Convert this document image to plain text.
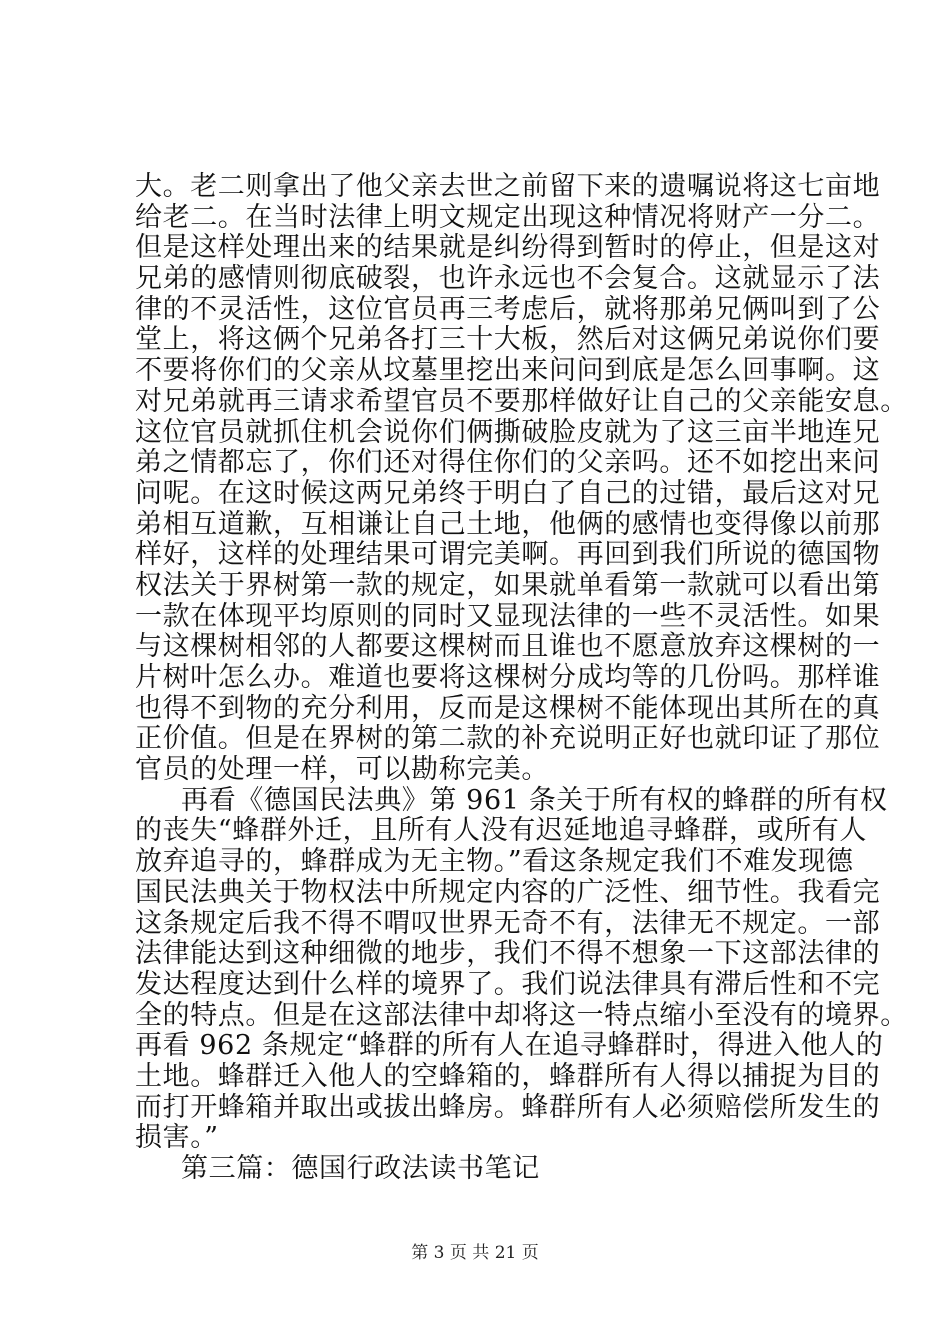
大。老二则拿出了他父亲去世之前留下来的遗嘱说将这七亩地
给老二。在当时法律上明文规定出现这种情况将财产一分二。
但是这样处理出来的结果就是纠纷得到暂时的停止，但是这对
兄弟的感情则彻底破裂，也许永远也不会复合。这就显示了法
律的不灵活性，这位官员再三考虑后，就将那弟兄俩叫到了公
堂上，将这俩个兄弟各打三十大板，然后对这俩兄弟说你们要
不要将你们的父亲从坟墓里挖出来问问到底是怎么回事啊。这
对兄弟就再三请求希望官员不要那样做好让自己的父亲能安息。
这位官员就抓住机会说你们俩撕破脸皮就为了这三亩半地连兄
弟之情都忘了，你们还对得住你们的父亲吗。还不如挖出来问
问呢。在这时候这两兄弟终于明白了自己的过错，最后这对兄
弟相互道歉，互相谦让自己土地，他俩的感情也变得像以前那
样好，这样的处理结果可谓完美啊。再回到我们所说的德国物
权法关于界树第一款的规定，如果就单看第一款就可以看出第
一款在体现平均原则的同时又显现法律的一些不灵活性。如果
与这棵树相邻的人都要这棵树而且谁也不愿意放弃这棵树的一
片树叶怎么办。难道也要将这棵树分成均等的几份吗。那样谁
也得不到物的充分利用，反而是这棵树不能体现出其所在的真
正价值。但是在界树的第二款的补充说明正好也就印证了那位
官员的处理一样，可以勘称完美。
再看《德国民法典》第 961 条关于所有权的蜂群的所有权
的丧失“蜂群外迁，且所有人没有迟延地追寻蜂群，或所有人
放弃追寻的，蜂群成为无主物。”看这条规定我们不难发现德
国民法典关于物权法中所规定内容的广泛性、细节性。我看完
这条规定后我不得不喟叹世界无奇不有，法律无不规定。一部
法律能达到这种细微的地步，我们不得不想象一下这部法律的
发达程度达到什么样的境界了。我们说法律具有滞后性和不完
全的特点。但是在这部法律中却将这一特点缩小至没有的境界。
再看 962 条规定“蜂群的所有人在追寻蜂群时，得进入他人的
土地。蜂群迁入他人的空蜂箱的，蜂群所有人得以捕捉为目的
而打开蜂箱并取出或拔出蜂房。蜂群所有人必须赔偿所发生的
损害。”
第三篇：德国行政法读书笔记
第 3 页 共 21 页
